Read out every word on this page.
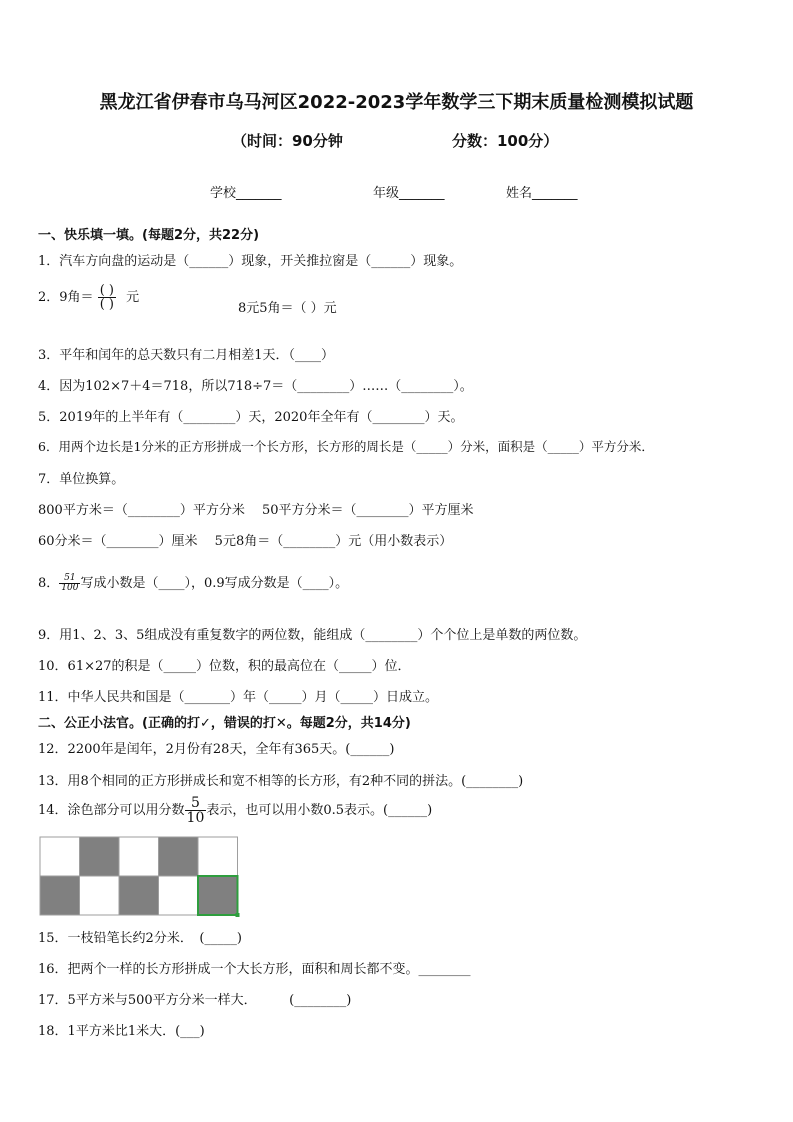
黑龙江省伊春市乌马河区2022-2023学年数学三下期末质量检测模拟试题
（时间：90分钟	分数：100分）
学校_______	年级_______	姓名_______
一、快乐填一填。(每题2分，共22分)
1．汽车方向盘的运动是（______）现象，开关推拉窗是（______）现象。
2．9角＝ $\frac{( )}{( )}$ 元
8元5角＝（ ）元
3．平年和闰年的总天数只有二月相差1天．（____）
4．因为102×7＋4＝718，所以718÷7＝（________）……（________）。
5．2019年的上半年有（________）天，2020年全年有（________）天。
6．用两个边长是1分米的正方形拼成一个长方形，长方形的周长是（_____）分米，面积是（_____）平方分米．
7．单位换算。
800平方米＝（________）平方分米　 50平方分米＝（________）平方厘米
60分米＝（________）厘米　 5元8角＝（________）元（用小数表示）
8． $\frac{51}{100}$ 写成小数是（____），0.9写成分数是（____）。
9．用1、2、3、5组成没有重复数字的两位数，能组成（________）个个位上是单数的两位数。
10．61×27的积是（_____）位数，积的最高位在（_____）位．
11．中华人民共和国是（_______）年（_____）月（_____）日成立。
二、公正小法官。(正确的打✓，错误的打✕。每题2分，共14分)
12．2200年是闰年，2月份有28天，全年有365天。(______)
13．用8个相同的正方形拼成长和宽不相等的长方形，有2种不同的拼法。(________)
14．涂色部分可以用分数 $\frac{5}{10}$ 表示，也可以用小数0.5表示。(______)
15．一枝铅笔长约2分米．　(_____)
16．把两个一样的长方形拼成一个大长方形，面积和周长都不变。________
17．5平方米与500平方分米一样大．　　　(________)
18．1平方米比1米大．(___)
